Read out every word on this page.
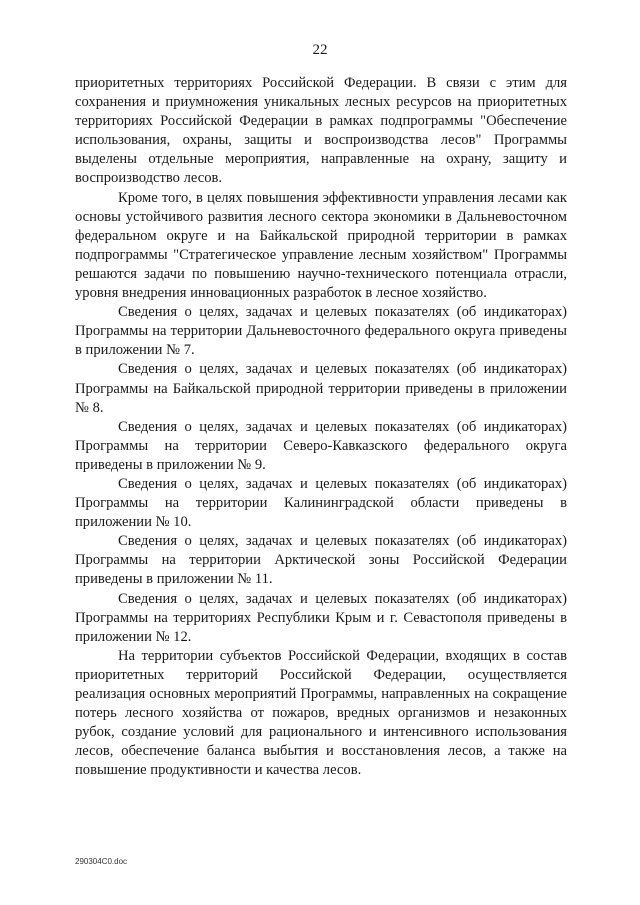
22

приоритетных территориях Российской Федерации. В связи с этим для сохранения и приумножения уникальных лесных ресурсов на приоритетных территориях Российской Федерации в рамках подпрограммы "Обеспечение использования, охраны, защиты и воспроизводства лесов" Программы выделены отдельные мероприятия, направленные на охрану, защиту и воспроизводство лесов.

Кроме того, в целях повышения эффективности управления лесами как основы устойчивого развития лесного сектора экономики в Дальневосточном федеральном округе и на Байкальской природной территории в рамках подпрограммы "Стратегическое управление лесным хозяйством" Программы решаются задачи по повышению научно-технического потенциала отрасли, уровня внедрения инновационных разработок в лесное хозяйство.

Сведения о целях, задачах и целевых показателях (об индикаторах) Программы на территории Дальневосточного федерального округа приведены в приложении № 7.

Сведения о целях, задачах и целевых показателях (об индикаторах) Программы на Байкальской природной территории приведены в приложении № 8.

Сведения о целях, задачах и целевых показателях (об индикаторах) Программы на территории Северо-Кавказского федерального округа приведены в приложении № 9.

Сведения о целях, задачах и целевых показателях (об индикаторах) Программы на территории Калининградской области приведены в приложении № 10.

Сведения о целях, задачах и целевых показателях (об индикаторах) Программы на территории Арктической зоны Российской Федерации приведены в приложении № 11.

Сведения о целях, задачах и целевых показателях (об индикаторах) Программы на территориях Республики Крым и г. Севастополя приведены в приложении № 12.

На территории субъектов Российской Федерации, входящих в состав приоритетных территорий Российской Федерации, осуществляется реализация основных мероприятий Программы, направленных на сокращение потерь лесного хозяйства от пожаров, вредных организмов и незаконных рубок, создание условий для рационального и интенсивного использования лесов, обеспечение баланса выбытия и восстановления лесов, а также на повышение продуктивности и качества лесов.

290304C0.doc
